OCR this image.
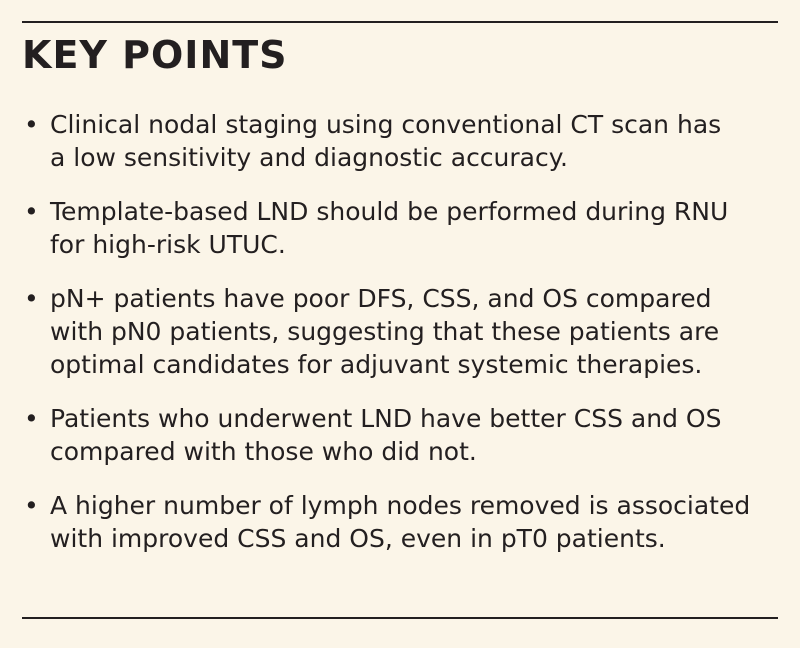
KEY POINTS
• Clinical nodal staging using conventional CT scan has
a low sensitivity and diagnostic accuracy.
• Template-based LND should be performed during RNU
for high-risk UTUC.
• pN+ patients have poor DFS, CSS, and OS compared
with pN0 patients, suggesting that these patients are
optimal candidates for adjuvant systemic therapies.
• Patients who underwent LND have better CSS and OS
compared with those who did not.
• A higher number of lymph nodes removed is associated
with improved CSS and OS, even in pT0 patients.
